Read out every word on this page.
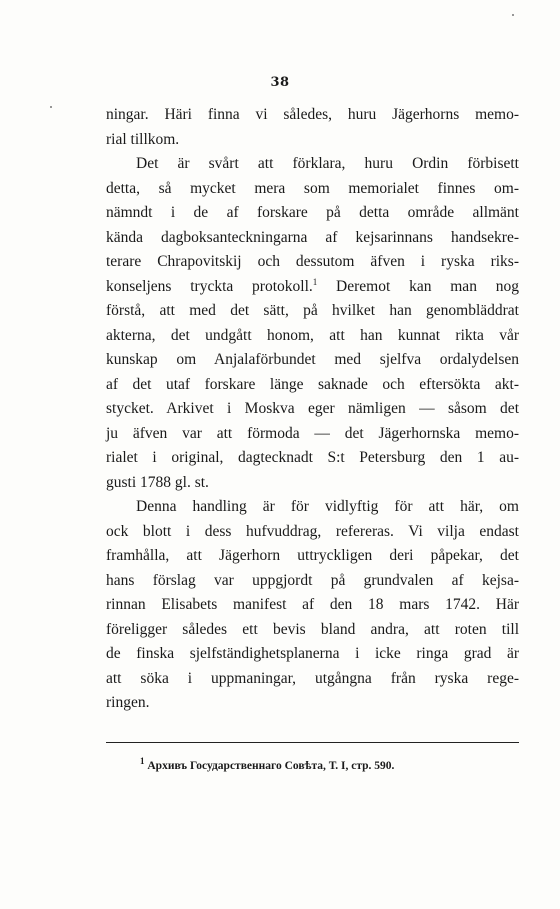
38
ningar. Häri finna vi således, huru Jägerhorns memo-
rial tillkom.
Det är svårt att förklara, huru Ordin förbisett
detta, så mycket mera som memorialet finnes om-
nämndt i de af forskare på detta område allmänt
kända dagboksanteckningarna af kejsarinnans handsekre-
terare Chrapovitskij och dessutom äfven i ryska riks-
konseljens tryckta protokoll.$^1$ Deremot kan man nog
förstå, att med det sätt, på hvilket han genombläddrat
akterna, det undgått honom, att han kunnat rikta vår
kunskap om Anjalaförbundet med sjelfva ordalydelsen
af det utaf forskare länge saknade och eftersökta akt-
stycket. Arkivet i Moskva eger nämligen — såsom det
ju äfven var att förmoda — det Jägerhornska memo-
rialet i original, dagtecknadt S:t Petersburg den 1 au-
gusti 1788 gl. st.
Denna handling är för vidlyftig för att här, om
ock blott i dess hufvuddrag, refereras. Vi vilja endast
framhålla, att Jägerhorn uttryckligen deri påpekar, det
hans förslag var uppgjordt på grundvalen af kejsa-
rinnan Elisabets manifest af den 18 mars 1742. Här
föreligger således ett bevis bland andra, att roten till
de finska sjelfständighetsplanerna i icke ringa grad är
att söka i uppmaningar, utgångna från ryska rege-
ringen.
$^1$ Архивъ Государственнаго Совѣта, Т. I, стр. 590.
